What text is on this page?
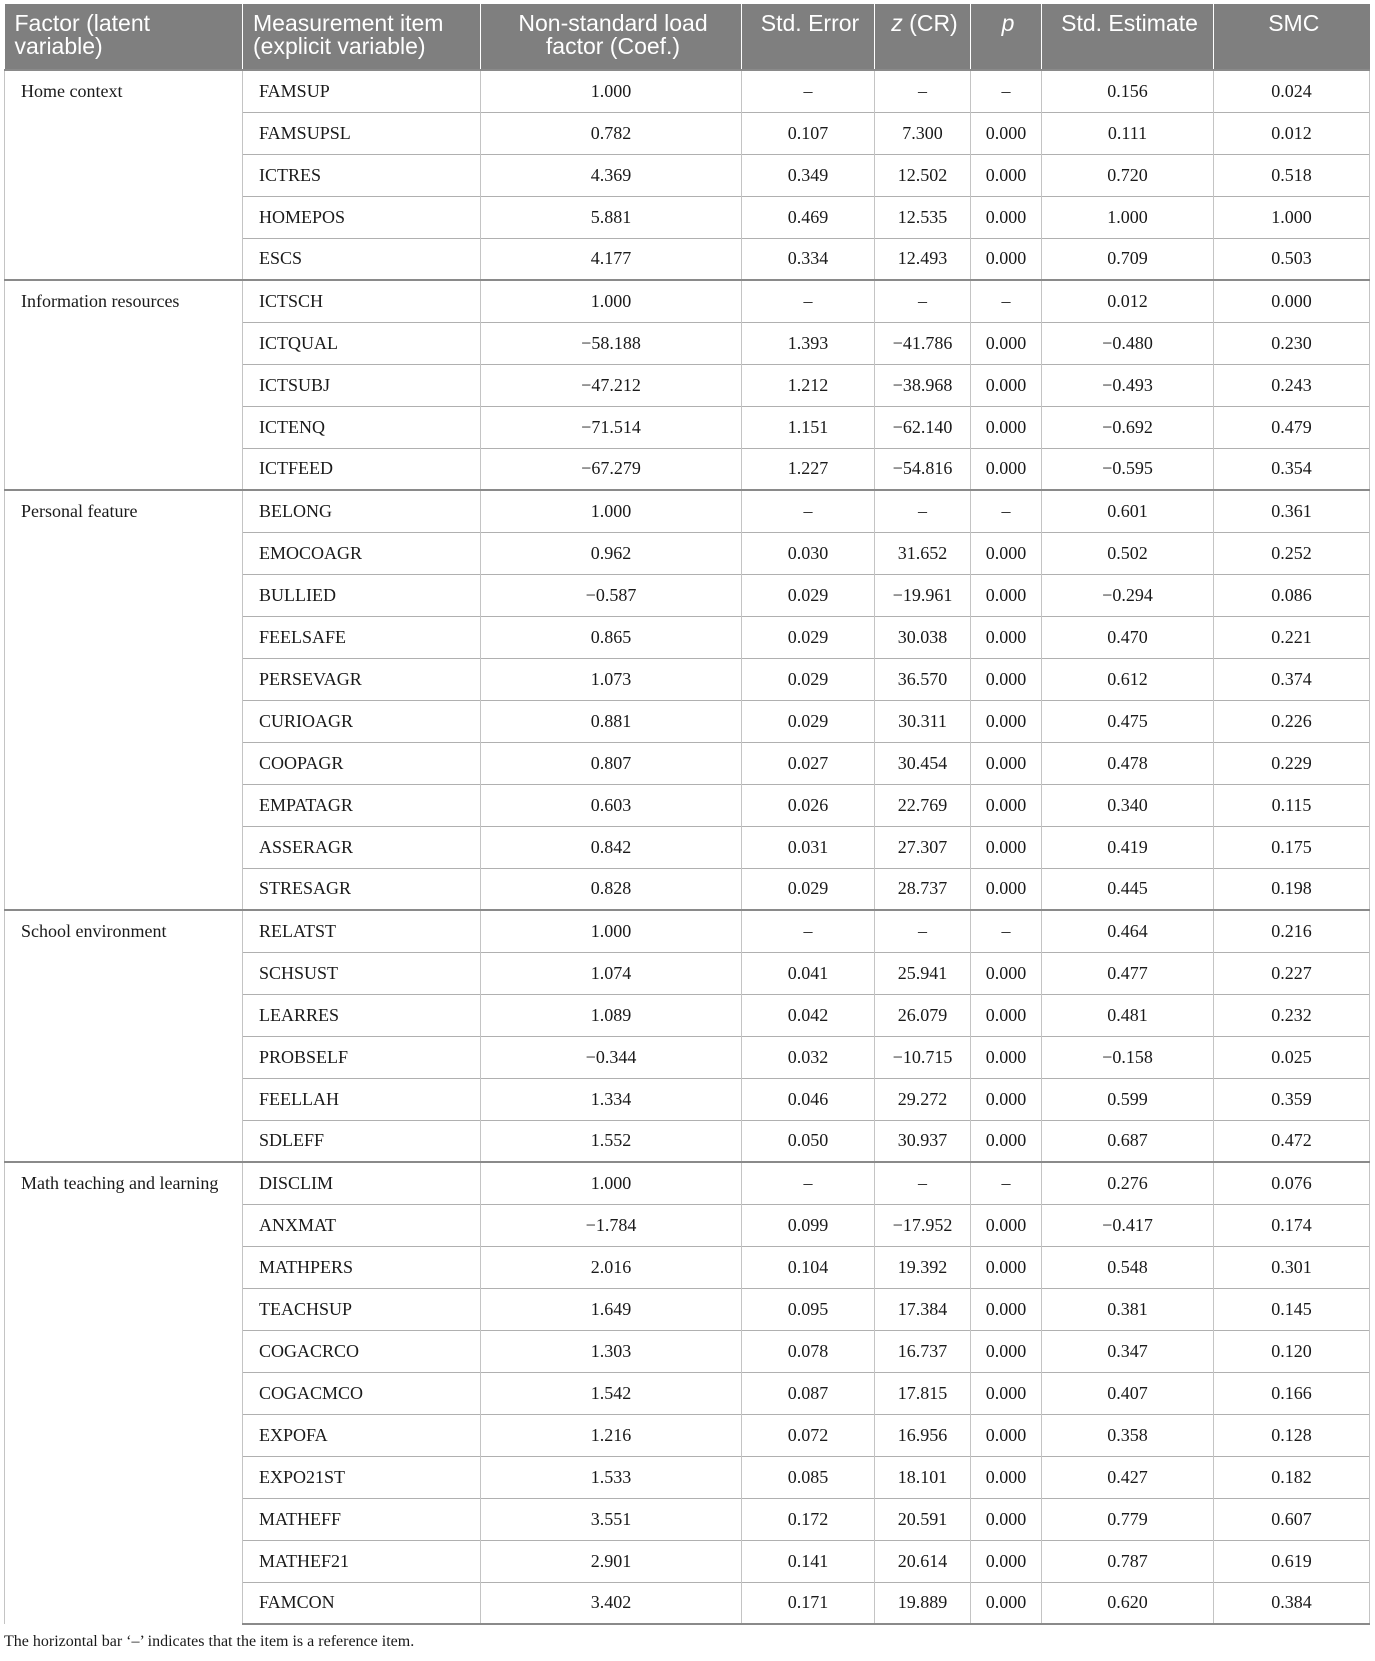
Factor (latent variable)	Measurement item (explicit variable)	Non-standard load factor (Coef.)	Std. Error	z (CR)	p	Std. Estimate	SMC
Home context	FAMSUP	1.000	–	–	–	0.156	0.024
	FAMSUPSL	0.782	0.107	7.300	0.000	0.111	0.012
	ICTRES	4.369	0.349	12.502	0.000	0.720	0.518
	HOMEPOS	5.881	0.469	12.535	0.000	1.000	1.000
	ESCS	4.177	0.334	12.493	0.000	0.709	0.503
Information resources	ICTSCH	1.000	–	–	–	0.012	0.000
	ICTQUAL	−58.188	1.393	−41.786	0.000	−0.480	0.230
	ICTSUBJ	−47.212	1.212	−38.968	0.000	−0.493	0.243
	ICTENQ	−71.514	1.151	−62.140	0.000	−0.692	0.479
	ICTFEED	−67.279	1.227	−54.816	0.000	−0.595	0.354
Personal feature	BELONG	1.000	–	–	–	0.601	0.361
	EMOCOAGR	0.962	0.030	31.652	0.000	0.502	0.252
	BULLIED	−0.587	0.029	−19.961	0.000	−0.294	0.086
	FEELSAFE	0.865	0.029	30.038	0.000	0.470	0.221
	PERSEVAGR	1.073	0.029	36.570	0.000	0.612	0.374
	CURIOAGR	0.881	0.029	30.311	0.000	0.475	0.226
	COOPAGR	0.807	0.027	30.454	0.000	0.478	0.229
	EMPATAGR	0.603	0.026	22.769	0.000	0.340	0.115
	ASSERAGR	0.842	0.031	27.307	0.000	0.419	0.175
	STRESAGR	0.828	0.029	28.737	0.000	0.445	0.198
School environment	RELATST	1.000	–	–	–	0.464	0.216
	SCHSUST	1.074	0.041	25.941	0.000	0.477	0.227
	LEARRES	1.089	0.042	26.079	0.000	0.481	0.232
	PROBSELF	−0.344	0.032	−10.715	0.000	−0.158	0.025
	FEELLAH	1.334	0.046	29.272	0.000	0.599	0.359
	SDLEFF	1.552	0.050	30.937	0.000	0.687	0.472
Math teaching and learning	DISCLIM	1.000	–	–	–	0.276	0.076
	ANXMAT	−1.784	0.099	−17.952	0.000	−0.417	0.174
	MATHPERS	2.016	0.104	19.392	0.000	0.548	0.301
	TEACHSUP	1.649	0.095	17.384	0.000	0.381	0.145
	COGACRCO	1.303	0.078	16.737	0.000	0.347	0.120
	COGACMCO	1.542	0.087	17.815	0.000	0.407	0.166
	EXPOFA	1.216	0.072	16.956	0.000	0.358	0.128
	EXPO21ST	1.533	0.085	18.101	0.000	0.427	0.182
	MATHEFF	3.551	0.172	20.591	0.000	0.779	0.607
	MATHEF21	2.901	0.141	20.614	0.000	0.787	0.619
	FAMCON	3.402	0.171	19.889	0.000	0.620	0.384
The horizontal bar ‘–’ indicates that the item is a reference item.
